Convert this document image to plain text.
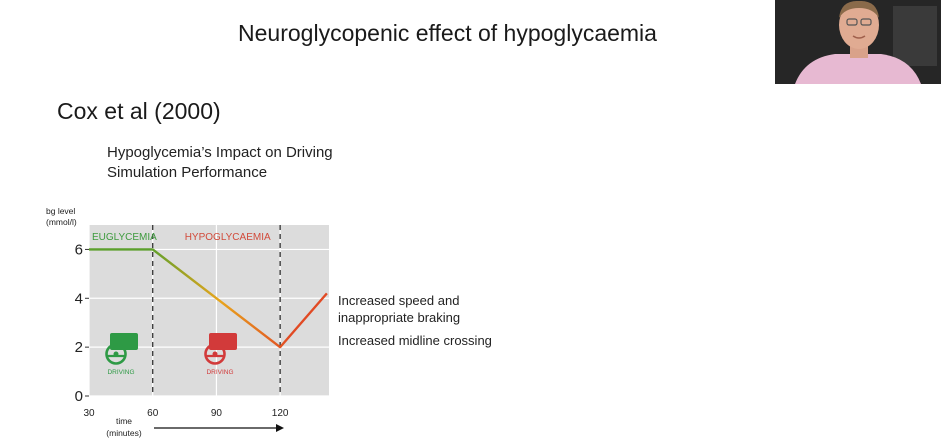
Neuroglycopenic effect of hypoglycaemia
Cox et al (2000)
Hypoglycemia’s Impact on Driving
Simulation Performance
0
2
4
6
30	60	90	120
EUGLYCEMIA	HYPOGLYCAEMIA
DRIVING	DRIVING
bg level
(mmol/l)
time
(minutes)
Increased speed and
inappropriate braking
Increased midline crossing
